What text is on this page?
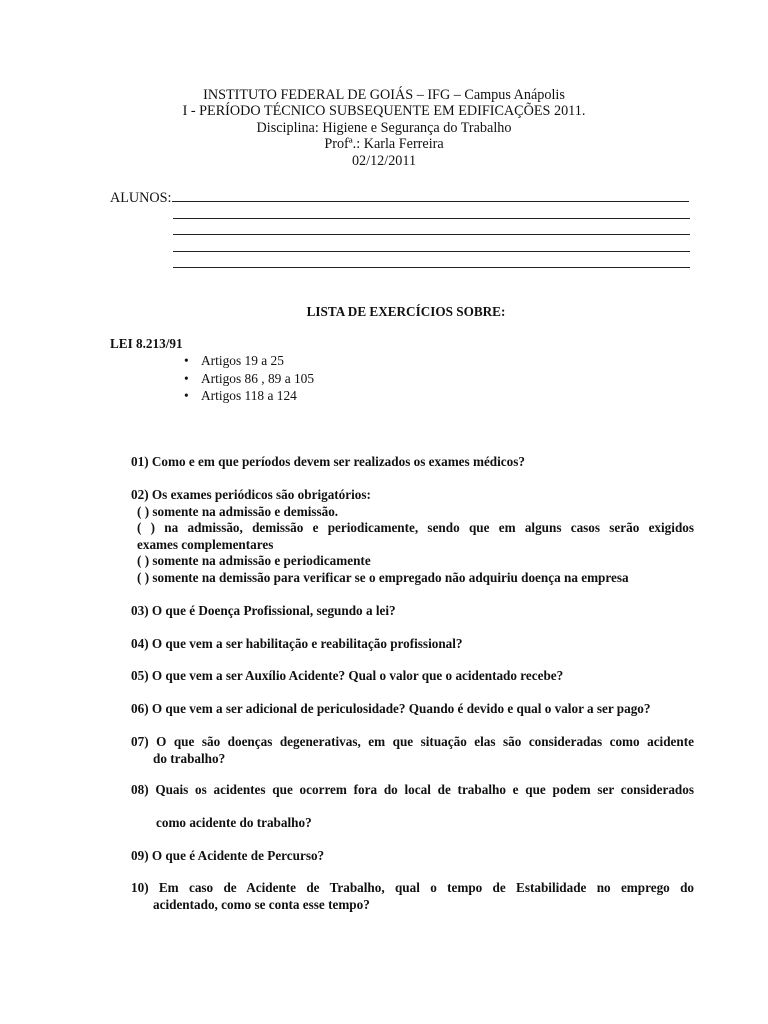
INSTITUTO FEDERAL DE GOIÁS – IFG – Campus Anápolis
I - PERÍODO TÉCNICO SUBSEQUENTE EM EDIFICAÇÕES 2011.
Disciplina: Higiene e Segurança do Trabalho
Profª.: Karla Ferreira
02/12/2011
ALUNOS:
LISTA DE EXERCÍCIOS SOBRE:
LEI 8.213/91
• Artigos 19 a 25
• Artigos 86 , 89 a 105
• Artigos 118 a 124
01) Como e em que períodos devem ser realizados os exames médicos?
02) Os exames periódicos são obrigatórios:
( ) somente na admissão e demissão.
( ) na admissão, demissão e periodicamente, sendo que em alguns casos serão exigidos
exames complementares
( ) somente na admissão e periodicamente
( ) somente na demissão para verificar se o empregado não adquiriu doença na empresa
03) O que é Doença Profissional, segundo a lei?
04) O que vem a ser habilitação e reabilitação profissional?
05) O que vem a ser Auxílio Acidente? Qual o valor que o acidentado recebe?
06) O que vem a ser adicional de periculosidade? Quando é devido e qual o valor a ser pago?
07) O que são doenças degenerativas, em que situação elas são consideradas como acidente
do trabalho?
08) Quais os acidentes que ocorrem fora do local de trabalho e que podem ser considerados
como acidente do trabalho?
09) O que é Acidente de Percurso?
10) Em caso de Acidente de Trabalho, qual o tempo de Estabilidade no emprego do
acidentado, como se conta esse tempo?
